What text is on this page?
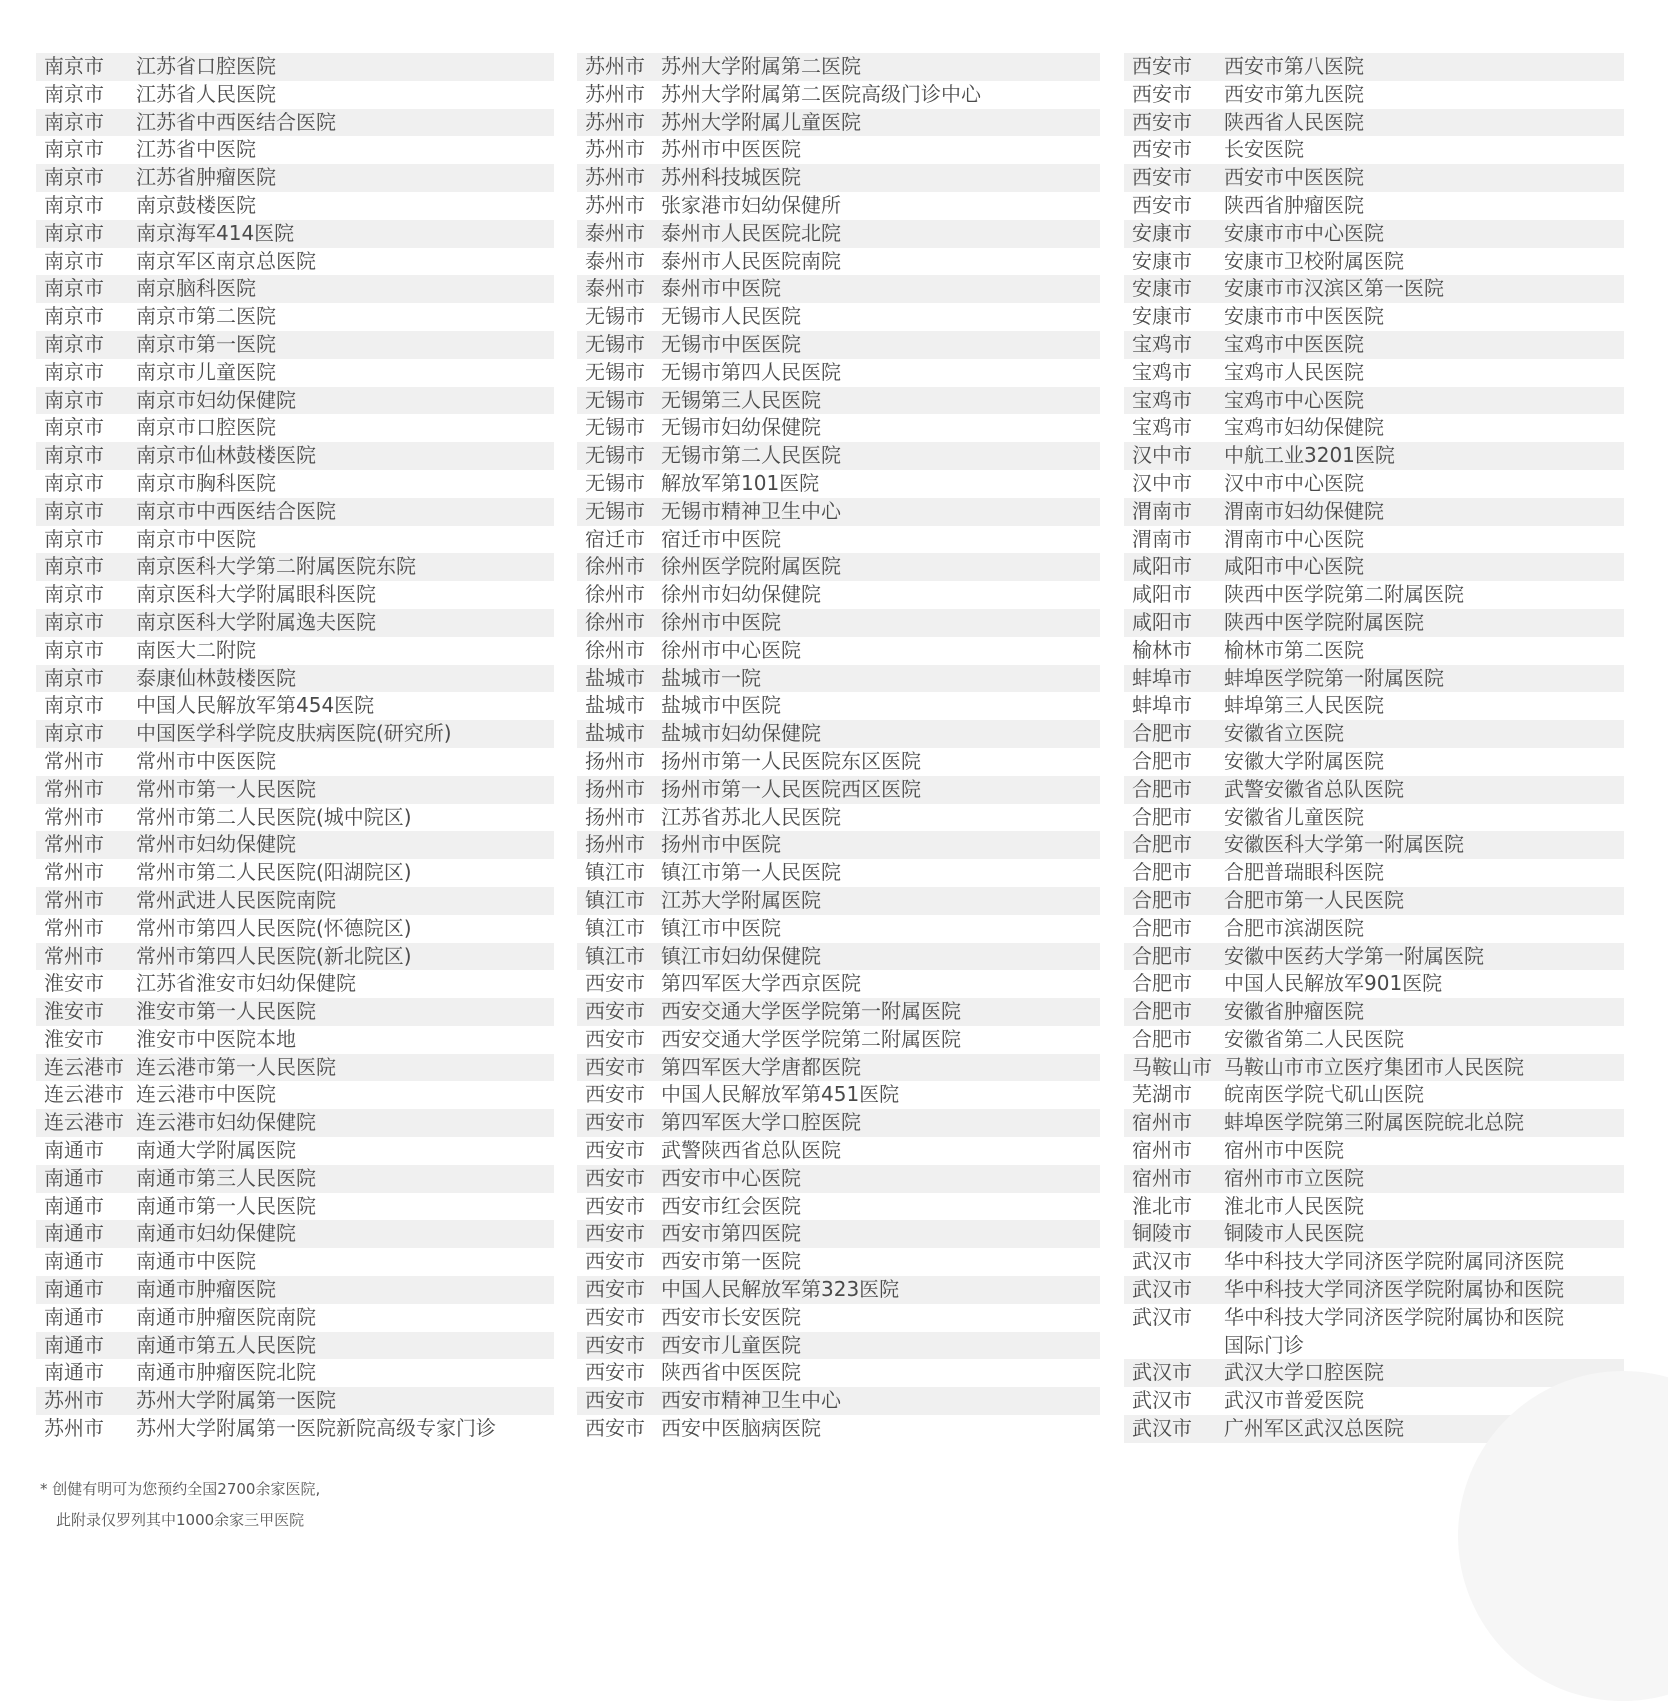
南京市	江苏省口腔医院
南京市	江苏省人民医院
南京市	江苏省中西医结合医院
南京市	江苏省中医院
南京市	江苏省肿瘤医院
南京市	南京鼓楼医院
南京市	南京海军414医院
南京市	南京军区南京总医院
南京市	南京脑科医院
南京市	南京市第二医院
南京市	南京市第一医院
南京市	南京市儿童医院
南京市	南京市妇幼保健院
南京市	南京市口腔医院
南京市	南京市仙林鼓楼医院
南京市	南京市胸科医院
南京市	南京市中西医结合医院
南京市	南京市中医院
南京市	南京医科大学第二附属医院东院
南京市	南京医科大学附属眼科医院
南京市	南京医科大学附属逸夫医院
南京市	南医大二附院
南京市	泰康仙林鼓楼医院
南京市	中国人民解放军第454医院
南京市	中国医学科学院皮肤病医院(研究所)
常州市	常州市中医医院
常州市	常州市第一人民医院
常州市	常州市第二人民医院(城中院区)
常州市	常州市妇幼保健院
常州市	常州市第二人民医院(阳湖院区)
常州市	常州武进人民医院南院
常州市	常州市第四人民医院(怀德院区)
常州市	常州市第四人民医院(新北院区)
淮安市	江苏省淮安市妇幼保健院
淮安市	淮安市第一人民医院
淮安市	淮安市中医院本地
连云港市 连云港市第一人民医院
连云港市 连云港市中医院
连云港市 连云港市妇幼保健院
南通市	南通大学附属医院
南通市	南通市第三人民医院
南通市	南通市第一人民医院
南通市	南通市妇幼保健院
南通市	南通市中医院
南通市	南通市肿瘤医院
南通市	南通市肿瘤医院南院
南通市	南通市第五人民医院
南通市	南通市肿瘤医院北院
苏州市	苏州大学附属第一医院
苏州市	苏州大学附属第一医院新院高级专家门诊
苏州市 苏州大学附属第二医院
苏州市 苏州大学附属第二医院高级门诊中心
苏州市 苏州大学附属儿童医院
苏州市 苏州市中医医院
苏州市 苏州科技城医院
苏州市 张家港市妇幼保健所
泰州市 泰州市人民医院北院
泰州市 泰州市人民医院南院
泰州市 泰州市中医院
无锡市 无锡市人民医院
无锡市 无锡市中医医院
无锡市 无锡市第四人民医院
无锡市 无锡第三人民医院
无锡市 无锡市妇幼保健院
无锡市 无锡市第二人民医院
无锡市 解放军第101医院
无锡市 无锡市精神卫生中心
宿迁市 宿迁市中医院
徐州市 徐州医学院附属医院
徐州市 徐州市妇幼保健院
徐州市 徐州市中医院
徐州市 徐州市中心医院
盐城市 盐城市一院
盐城市 盐城市中医院
盐城市 盐城市妇幼保健院
扬州市 扬州市第一人民医院东区医院
扬州市 扬州市第一人民医院西区医院
扬州市 江苏省苏北人民医院
扬州市 扬州市中医院
镇江市 镇江市第一人民医院
镇江市 江苏大学附属医院
镇江市 镇江市中医院
镇江市 镇江市妇幼保健院
西安市 第四军医大学西京医院
西安市 西安交通大学医学院第一附属医院
西安市 西安交通大学医学院第二附属医院
西安市 第四军医大学唐都医院
西安市 中国人民解放军第451医院
西安市 第四军医大学口腔医院
西安市 武警陕西省总队医院
西安市 西安市中心医院
西安市 西安市红会医院
西安市 西安市第四医院
西安市 西安市第一医院
西安市 中国人民解放军第323医院
西安市 西安市长安医院
西安市 西安市儿童医院
西安市 陕西省中医医院
西安市 西安市精神卫生中心
西安市 西安中医脑病医院
西安市	西安市第八医院
西安市	西安市第九医院
西安市	陕西省人民医院
西安市	长安医院
西安市	西安市中医医院
西安市	陕西省肿瘤医院
安康市	安康市市中心医院
安康市	安康市卫校附属医院
安康市	安康市市汉滨区第一医院
安康市	安康市市中医医院
宝鸡市	宝鸡市中医医院
宝鸡市	宝鸡市人民医院
宝鸡市	宝鸡市中心医院
宝鸡市	宝鸡市妇幼保健院
汉中市	中航工业3201医院
汉中市	汉中市中心医院
渭南市	渭南市妇幼保健院
渭南市	渭南市中心医院
咸阳市	咸阳市中心医院
咸阳市	陕西中医学院第二附属医院
咸阳市	陕西中医学院附属医院
榆林市	榆林市第二医院
蚌埠市	蚌埠医学院第一附属医院
蚌埠市	蚌埠第三人民医院
合肥市	安徽省立医院
合肥市	安徽大学附属医院
合肥市	武警安徽省总队医院
合肥市	安徽省儿童医院
合肥市	安徽医科大学第一附属医院
合肥市	合肥普瑞眼科医院
合肥市	合肥市第一人民医院
合肥市	合肥市滨湖医院
合肥市	安徽中医药大学第一附属医院
合肥市	中国人民解放军901医院
合肥市	安徽省肿瘤医院
合肥市	安徽省第二人民医院
马鞍山市 马鞍山市市立医疗集团市人民医院
芜湖市	皖南医学院弋矶山医院
宿州市	蚌埠医学院第三附属医院皖北总院
宿州市	宿州市中医院
宿州市	宿州市市立医院
淮北市	淮北市人民医院
铜陵市	铜陵市人民医院
武汉市	华中科技大学同济医学院附属同济医院
武汉市	华中科技大学同济医学院附属协和医院
武汉市	华中科技大学同济医学院附属协和医院
国际门诊
武汉市	武汉大学口腔医院
武汉市	武汉市普爱医院
武汉市	广州军区武汉总医院
* 创健有明可为您预约全国2700余家医院,
此附录仅罗列其中1000余家三甲医院
